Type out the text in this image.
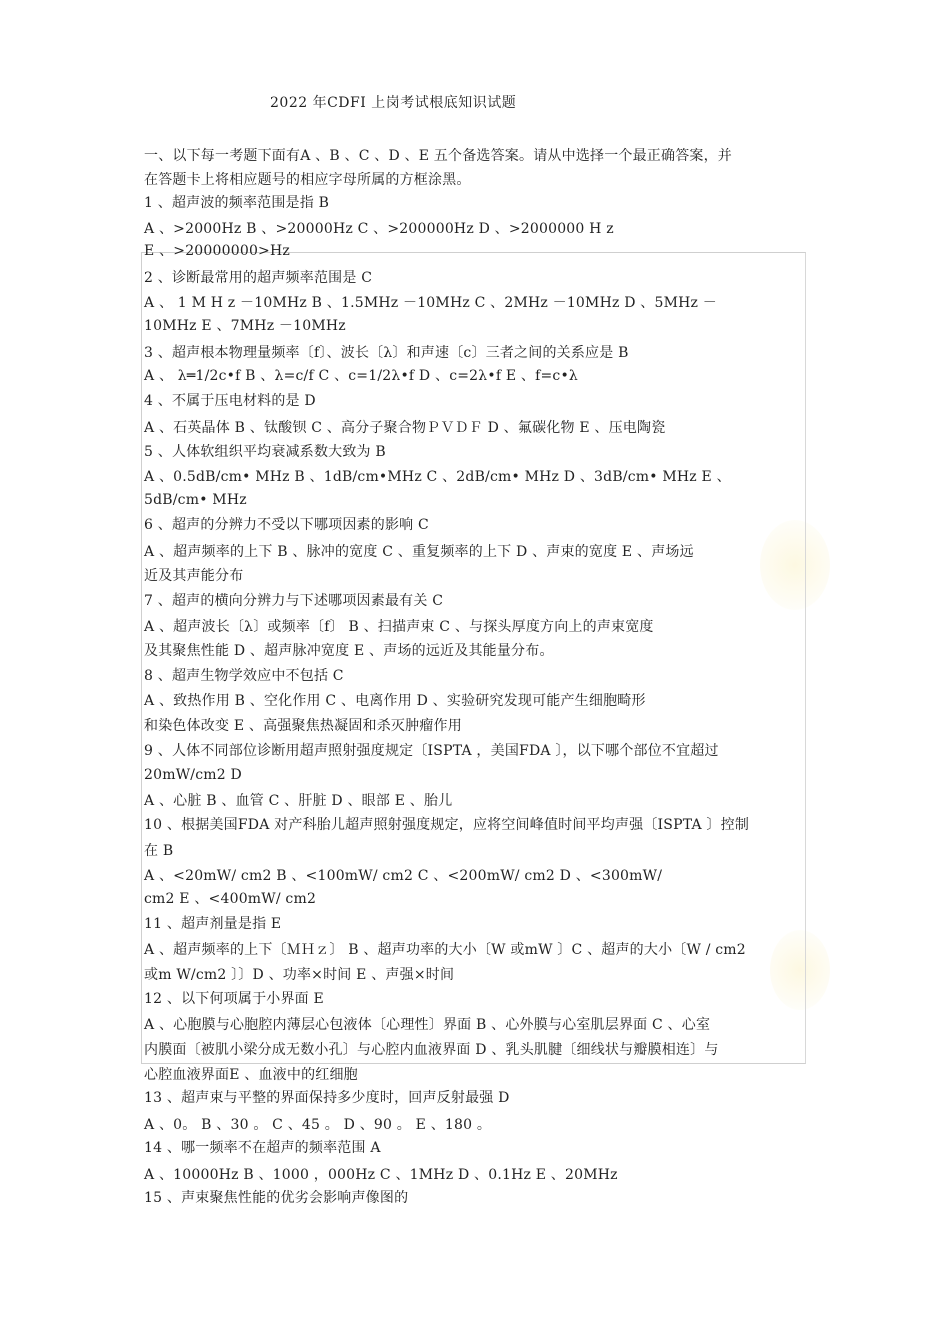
2022 年CDFI 上岗考试根底知识试题
一、以下每一考题下面有A 、B 、C 、D 、E 五个备选答案。请从中选择一个最正确答案，并
在答题卡上将相应题号的相应字母所属的方框涂黑。
1 、超声波的频率范围是指 B
A 、>2000Hz B 、>20000Hz C 、>200000Hz D 、>2000000 H z
E 、>20000000>Hz
2 、诊断最常用的超声频率范围是 C
A 、 1 M H z －10MHz B 、1.5MHz －10MHz C 、2MHz －10MHz D 、5MHz －
10MHz E 、7MHz －10MHz
3 、超声根本物理量频率〔f〕、波长〔λ〕和声速〔c〕三者之间的关系应是 B
A 、 λ═1/2c•f B 、λ=c/f C 、c=1/2λ•f D 、c=2λ•f E 、f=c•λ
4 、不属于压电材料的是 D
A 、石英晶体 B 、钛酸钡 C 、高分子聚合物ＰＶＤＦ D 、氟碳化物 E 、压电陶瓷
5 、人体软组织平均衰减系数大致为 B
A 、0.5dB/cm• MHz B 、1dB/cm•MHz C 、2dB/cm• MHz D 、3dB/cm• MHz E 、
5dB/cm• MHz
6 、超声的分辨力不受以下哪项因素的影响 C
A 、超声频率的上下 B 、脉冲的宽度 C 、重复频率的上下 D 、声束的宽度 E 、声场远
近及其声能分布
7 、超声的横向分辨力与下述哪项因素最有关 C
A 、超声波长〔λ〕或频率〔f〕 B 、扫描声束 C 、与探头厚度方向上的声束宽度
及其聚焦性能 D 、超声脉冲宽度 E 、声场的远近及其能量分布。
8 、超声生物学效应中不包括 C
A 、致热作用 B 、空化作用 C 、电离作用 D 、实验研究发现可能产生细胞畸形
和染色体改变 E 、高强聚焦热凝固和杀灭肿瘤作用
9 、人体不同部位诊断用超声照射强度规定〔ISPTA ，美国FDA 〕，以下哪个部位不宜超过
20mW/cm2 D
A 、心脏 B 、血管 C 、肝脏 D 、眼部 E 、胎儿
10 、根据美国FDA 对产科胎儿超声照射强度规定，应将空间峰值时间平均声强〔ISPTA 〕控制
在 B
A 、<20mW/ cm2 B 、<100mW/ cm2 C 、<200mW/ cm2 D 、<300mW/
cm2 E 、<400mW/ cm2
11 、超声剂量是指 E
A 、超声频率的上下〔ＭＨｚ〕 B 、超声功率的大小〔W 或mW 〕C 、超声的大小〔W / cm2
或m W/cm2 〕〕D 、功率×时间 E 、声强×时间
12 、以下何项属于小界面 E
A 、心胞膜与心胞腔内薄层心包液体〔心理性〕界面 B 、心外膜与心室肌层界面 C 、心室
内膜面〔被肌小梁分成无数小孔〕与心腔内血液界面 D 、乳头肌腱〔细线状与瓣膜相连〕与
心腔血液界面E 、血液中的红细胞
13 、超声束与平整的界面保持多少度时，回声反射最强 D
A 、0。 B 、30 。 C 、45 。 D 、90 。 E 、180 。
14 、哪一频率不在超声的频率范围 A
A 、10000Hz B 、1000 ，000Hz C 、1MHz D 、0.1Hz E 、20MHz
15 、声束聚焦性能的优劣会影响声像图的
